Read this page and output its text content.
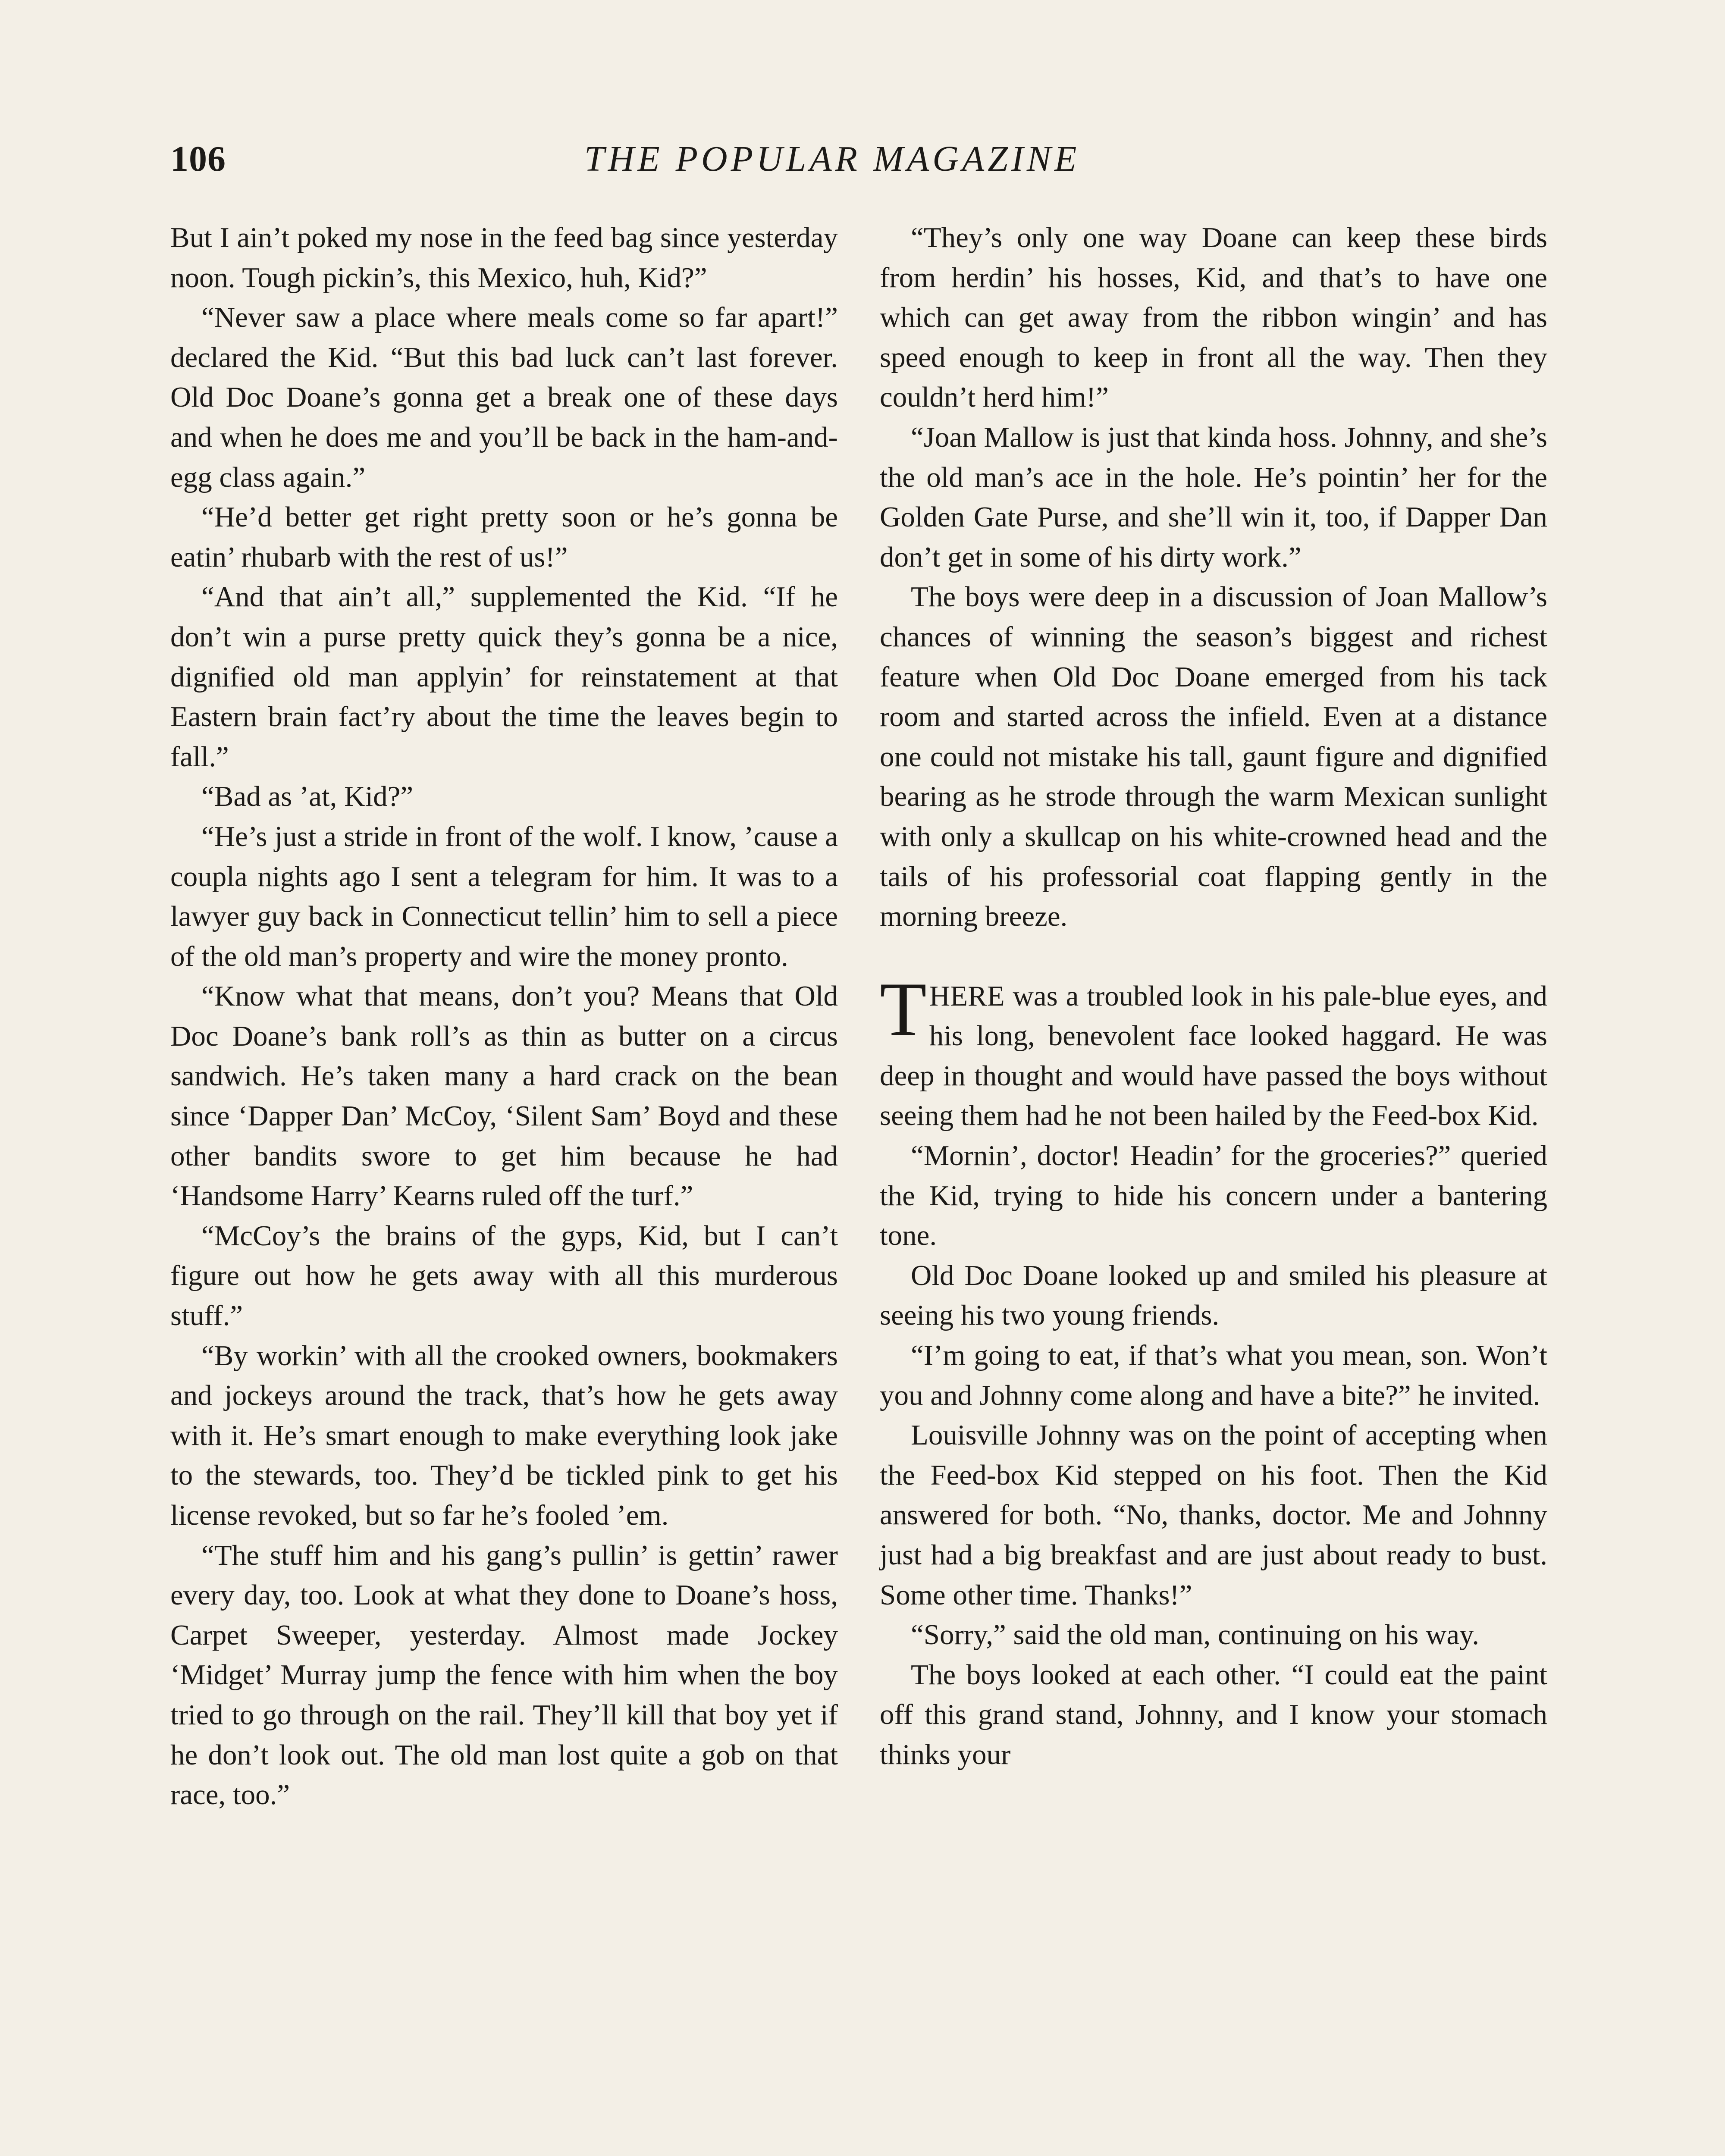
106	THE POPULAR MAGAZINE

But I ain’t poked my nose in the feed bag since yesterday noon. Tough pickin’s, this Mexico, huh, Kid?”

“Never saw a place where meals come so far apart!” declared the Kid. “But this bad luck can’t last forever. Old Doc Doane’s gonna get a break one of these days and when he does me and you’ll be back in the ham-and-egg class again.”

“He’d better get right pretty soon or he’s gonna be eatin’ rhubarb with the rest of us!”

“And that ain’t all,” supplemented the Kid. “If he don’t win a purse pretty quick they’s gonna be a nice, dignified old man applyin’ for reinstatement at that Eastern brain fact’ry about the time the leaves begin to fall.”

“Bad as ’at, Kid?”

“He’s just a stride in front of the wolf. I know, ’cause a coupla nights ago I sent a telegram for him. It was to a lawyer guy back in Connecticut tellin’ him to sell a piece of the old man’s property and wire the money pronto.

“Know what that means, don’t you? Means that Old Doc Doane’s bank roll’s as thin as butter on a circus sandwich. He’s taken many a hard crack on the bean since ‘Dapper Dan’ McCoy, ‘Silent Sam’ Boyd and these other bandits swore to get him because he had ‘Handsome Harry’ Kearns ruled off the turf.”

“McCoy’s the brains of the gyps, Kid, but I can’t figure out how he gets away with all this murderous stuff.”

“By workin’ with all the crooked owners, bookmakers and jockeys around the track, that’s how he gets away with it. He’s smart enough to make everything look jake to the stewards, too. They’d be tickled pink to get his license revoked, but so far he’s fooled ’em.

“The stuff him and his gang’s pullin’ is gettin’ rawer every day, too. Look at what they done to Doane’s hoss, Carpet Sweeper, yesterday. Almost made Jockey ‘Midget’ Murray jump the fence with him when the boy tried to go through on the rail. They’ll kill that boy yet if he don’t look out. The old man lost quite a gob on that race, too.”

“They’s only one way Doane can keep these birds from herdin’ his hosses, Kid, and that’s to have one which can get away from the ribbon wingin’ and has speed enough to keep in front all the way. Then they couldn’t herd him!”

“Joan Mallow is just that kinda hoss. Johnny, and she’s the old man’s ace in the hole. He’s pointin’ her for the Golden Gate Purse, and she’ll win it, too, if Dapper Dan don’t get in some of his dirty work.”

The boys were deep in a discussion of Joan Mallow’s chances of winning the season’s biggest and richest feature when Old Doc Doane emerged from his tack room and started across the infield. Even at a distance one could not mistake his tall, gaunt figure and dignified bearing as he strode through the warm Mexican sunlight with only a skullcap on his white-crowned head and the tails of his professorial coat flapping gently in the morning breeze.

THERE was a troubled look in his pale-blue eyes, and his long, benevolent face looked haggard. He was deep in thought and would have passed the boys without seeing them had he not been hailed by the Feed-box Kid.

“Mornin’, doctor! Headin’ for the groceries?” queried the Kid, trying to hide his concern under a bantering tone.

Old Doc Doane looked up and smiled his pleasure at seeing his two young friends.

“I’m going to eat, if that’s what you mean, son. Won’t you and Johnny come along and have a bite?” he invited.

Louisville Johnny was on the point of accepting when the Feed-box Kid stepped on his foot. Then the Kid answered for both. “No, thanks, doctor. Me and Johnny just had a big breakfast and are just about ready to bust. Some other time. Thanks!”

“Sorry,” said the old man, continuing on his way.

The boys looked at each other. “I could eat the paint off this grand stand, Johnny, and I know your stomach thinks your
